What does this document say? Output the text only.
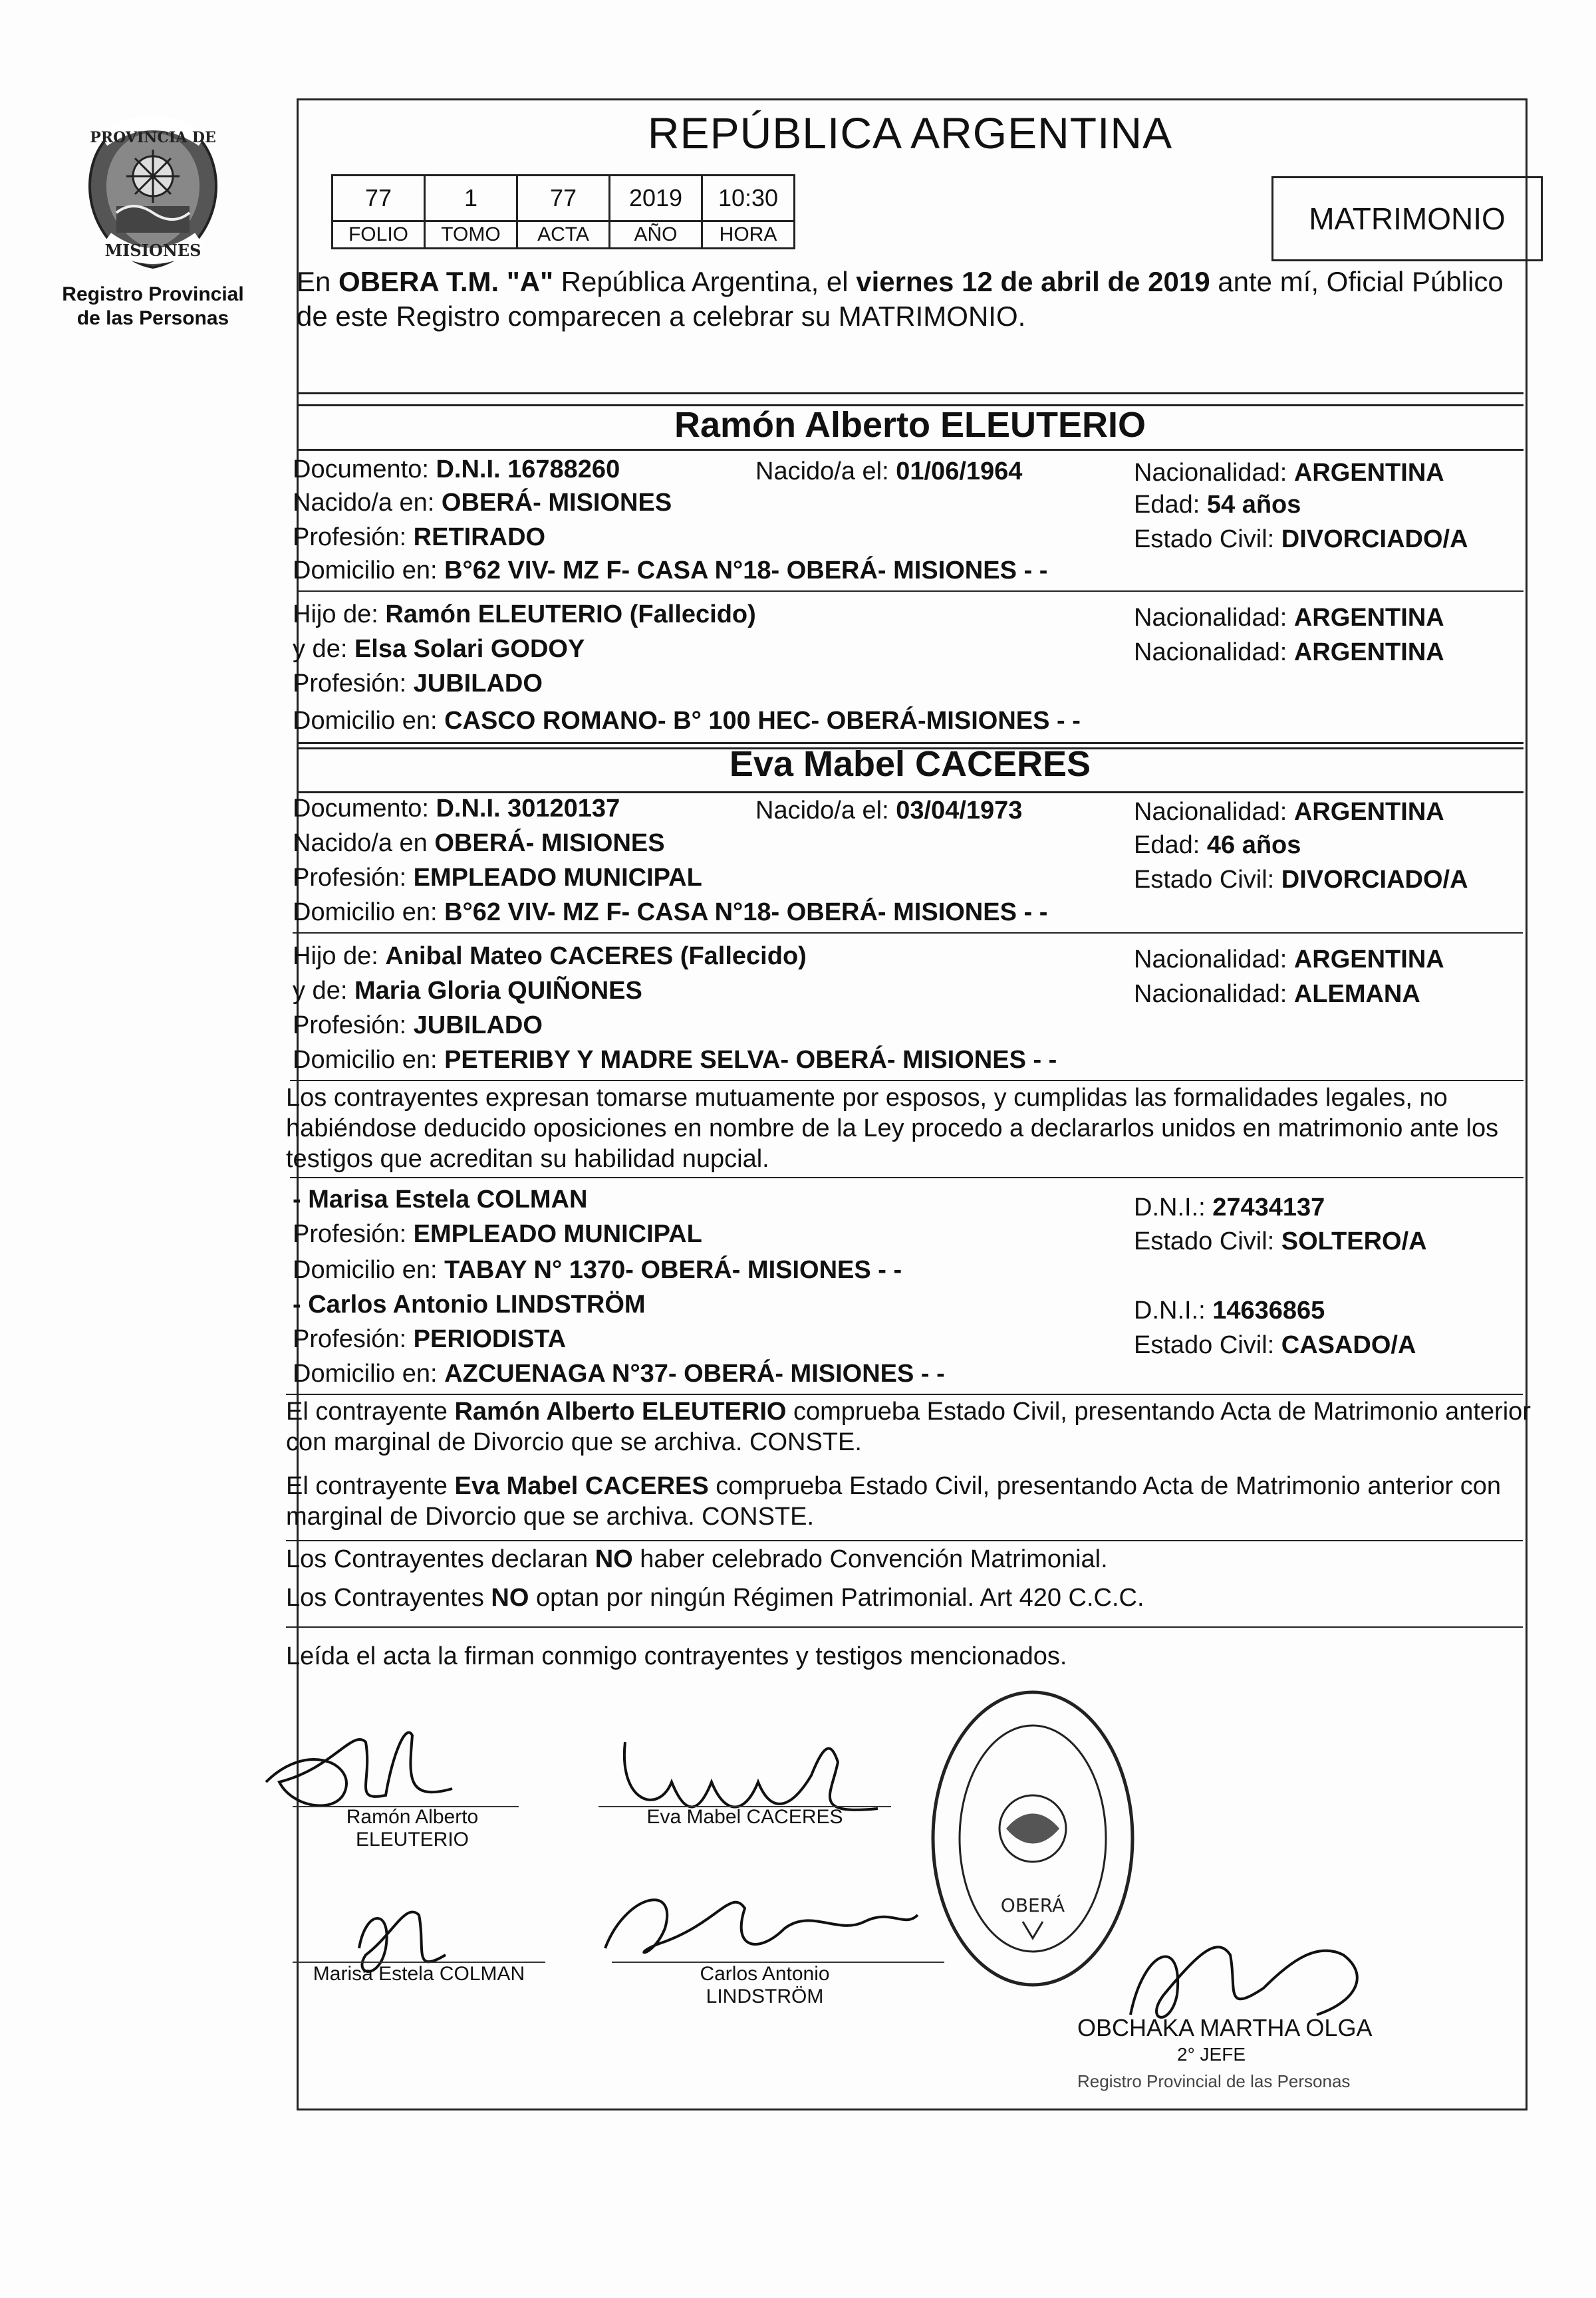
PROVINCIA DE
MISIONES
Registro Provincial
de las Personas
REPÚBLICA ARGENTINA
77	1	77	2019	10:30
FOLIO	TOMO	ACTA	AÑO	HORA	MATRIMONIO
En OBERA T.M. "A" República Argentina, el viernes 12 de abril de 2019 ante mí, Oficial Público de este Registro comparecen a celebrar su MATRIMONIO.
Ramón Alberto ELEUTERIO
Documento: D.N.I. 16788260	Nacido/a el: 01/06/1964	Nacionalidad: ARGENTINA
Nacido/a en: OBERÁ- MISIONES	Edad: 54 años
Profesión: RETIRADO	Estado Civil: DIVORCIADO/A
Domicilio en: B°62 VIV- MZ F- CASA N°18- OBERÁ- MISIONES - -
Hijo de: Ramón ELEUTERIO (Fallecido)	Nacionalidad: ARGENTINA
y de: Elsa Solari GODOY	Nacionalidad: ARGENTINA
Profesión: JUBILADO
Domicilio en: CASCO ROMANO- B° 100 HEC- OBERÁ-MISIONES - -
Eva Mabel CACERES
Documento: D.N.I. 30120137	Nacido/a el: 03/04/1973	Nacionalidad: ARGENTINA
Nacido/a en OBERÁ- MISIONES	Edad: 46 años
Profesión: EMPLEADO MUNICIPAL	Estado Civil: DIVORCIADO/A
Domicilio en: B°62 VIV- MZ F- CASA N°18- OBERÁ- MISIONES - -
Hijo de: Anibal Mateo CACERES (Fallecido)	Nacionalidad: ARGENTINA
y de: Maria Gloria QUIÑONES	Nacionalidad: ALEMANA
Profesión: JUBILADO
Domicilio en: PETERIBY Y MADRE SELVA- OBERÁ- MISIONES - -
Los contrayentes expresan tomarse mutuamente por esposos, y cumplidas las formalidades legales, no habiéndose deducido oposiciones en nombre de la Ley procedo a declararlos unidos en matrimonio ante los testigos que acreditan su habilidad nupcial.
- Marisa Estela COLMAN	D.N.I.: 27434137
Profesión: EMPLEADO MUNICIPAL	Estado Civil: SOLTERO/A
Domicilio en: TABAY N° 1370- OBERÁ- MISIONES - -
- Carlos Antonio LINDSTRÖM	D.N.I.: 14636865
Profesión: PERIODISTA	Estado Civil: CASADO/A
Domicilio en: AZCUENAGA N°37- OBERÁ- MISIONES - -
El contrayente Ramón Alberto ELEUTERIO comprueba Estado Civil, presentando Acta de Matrimonio anterior con marginal de Divorcio que se archiva. CONSTE.
El contrayente Eva Mabel CACERES comprueba Estado Civil, presentando Acta de Matrimonio anterior con marginal de Divorcio que se archiva. CONSTE.
Los Contrayentes declaran NO haber celebrado Convención Matrimonial.
Los Contrayentes NO optan por ningún Régimen Patrimonial. Art 420 C.C.C.
Leída el acta la firman conmigo contrayentes y testigos mencionados.
Ramón Alberto
ELEUTERIO
Eva Mabel CACERES
Marisa Estela COLMAN	Carlos Antonio
LINDSTRÖM
OBERÁ
OBCHAKA MARTHA OLGA
2° JEFE
Registro Provincial de las Personas
